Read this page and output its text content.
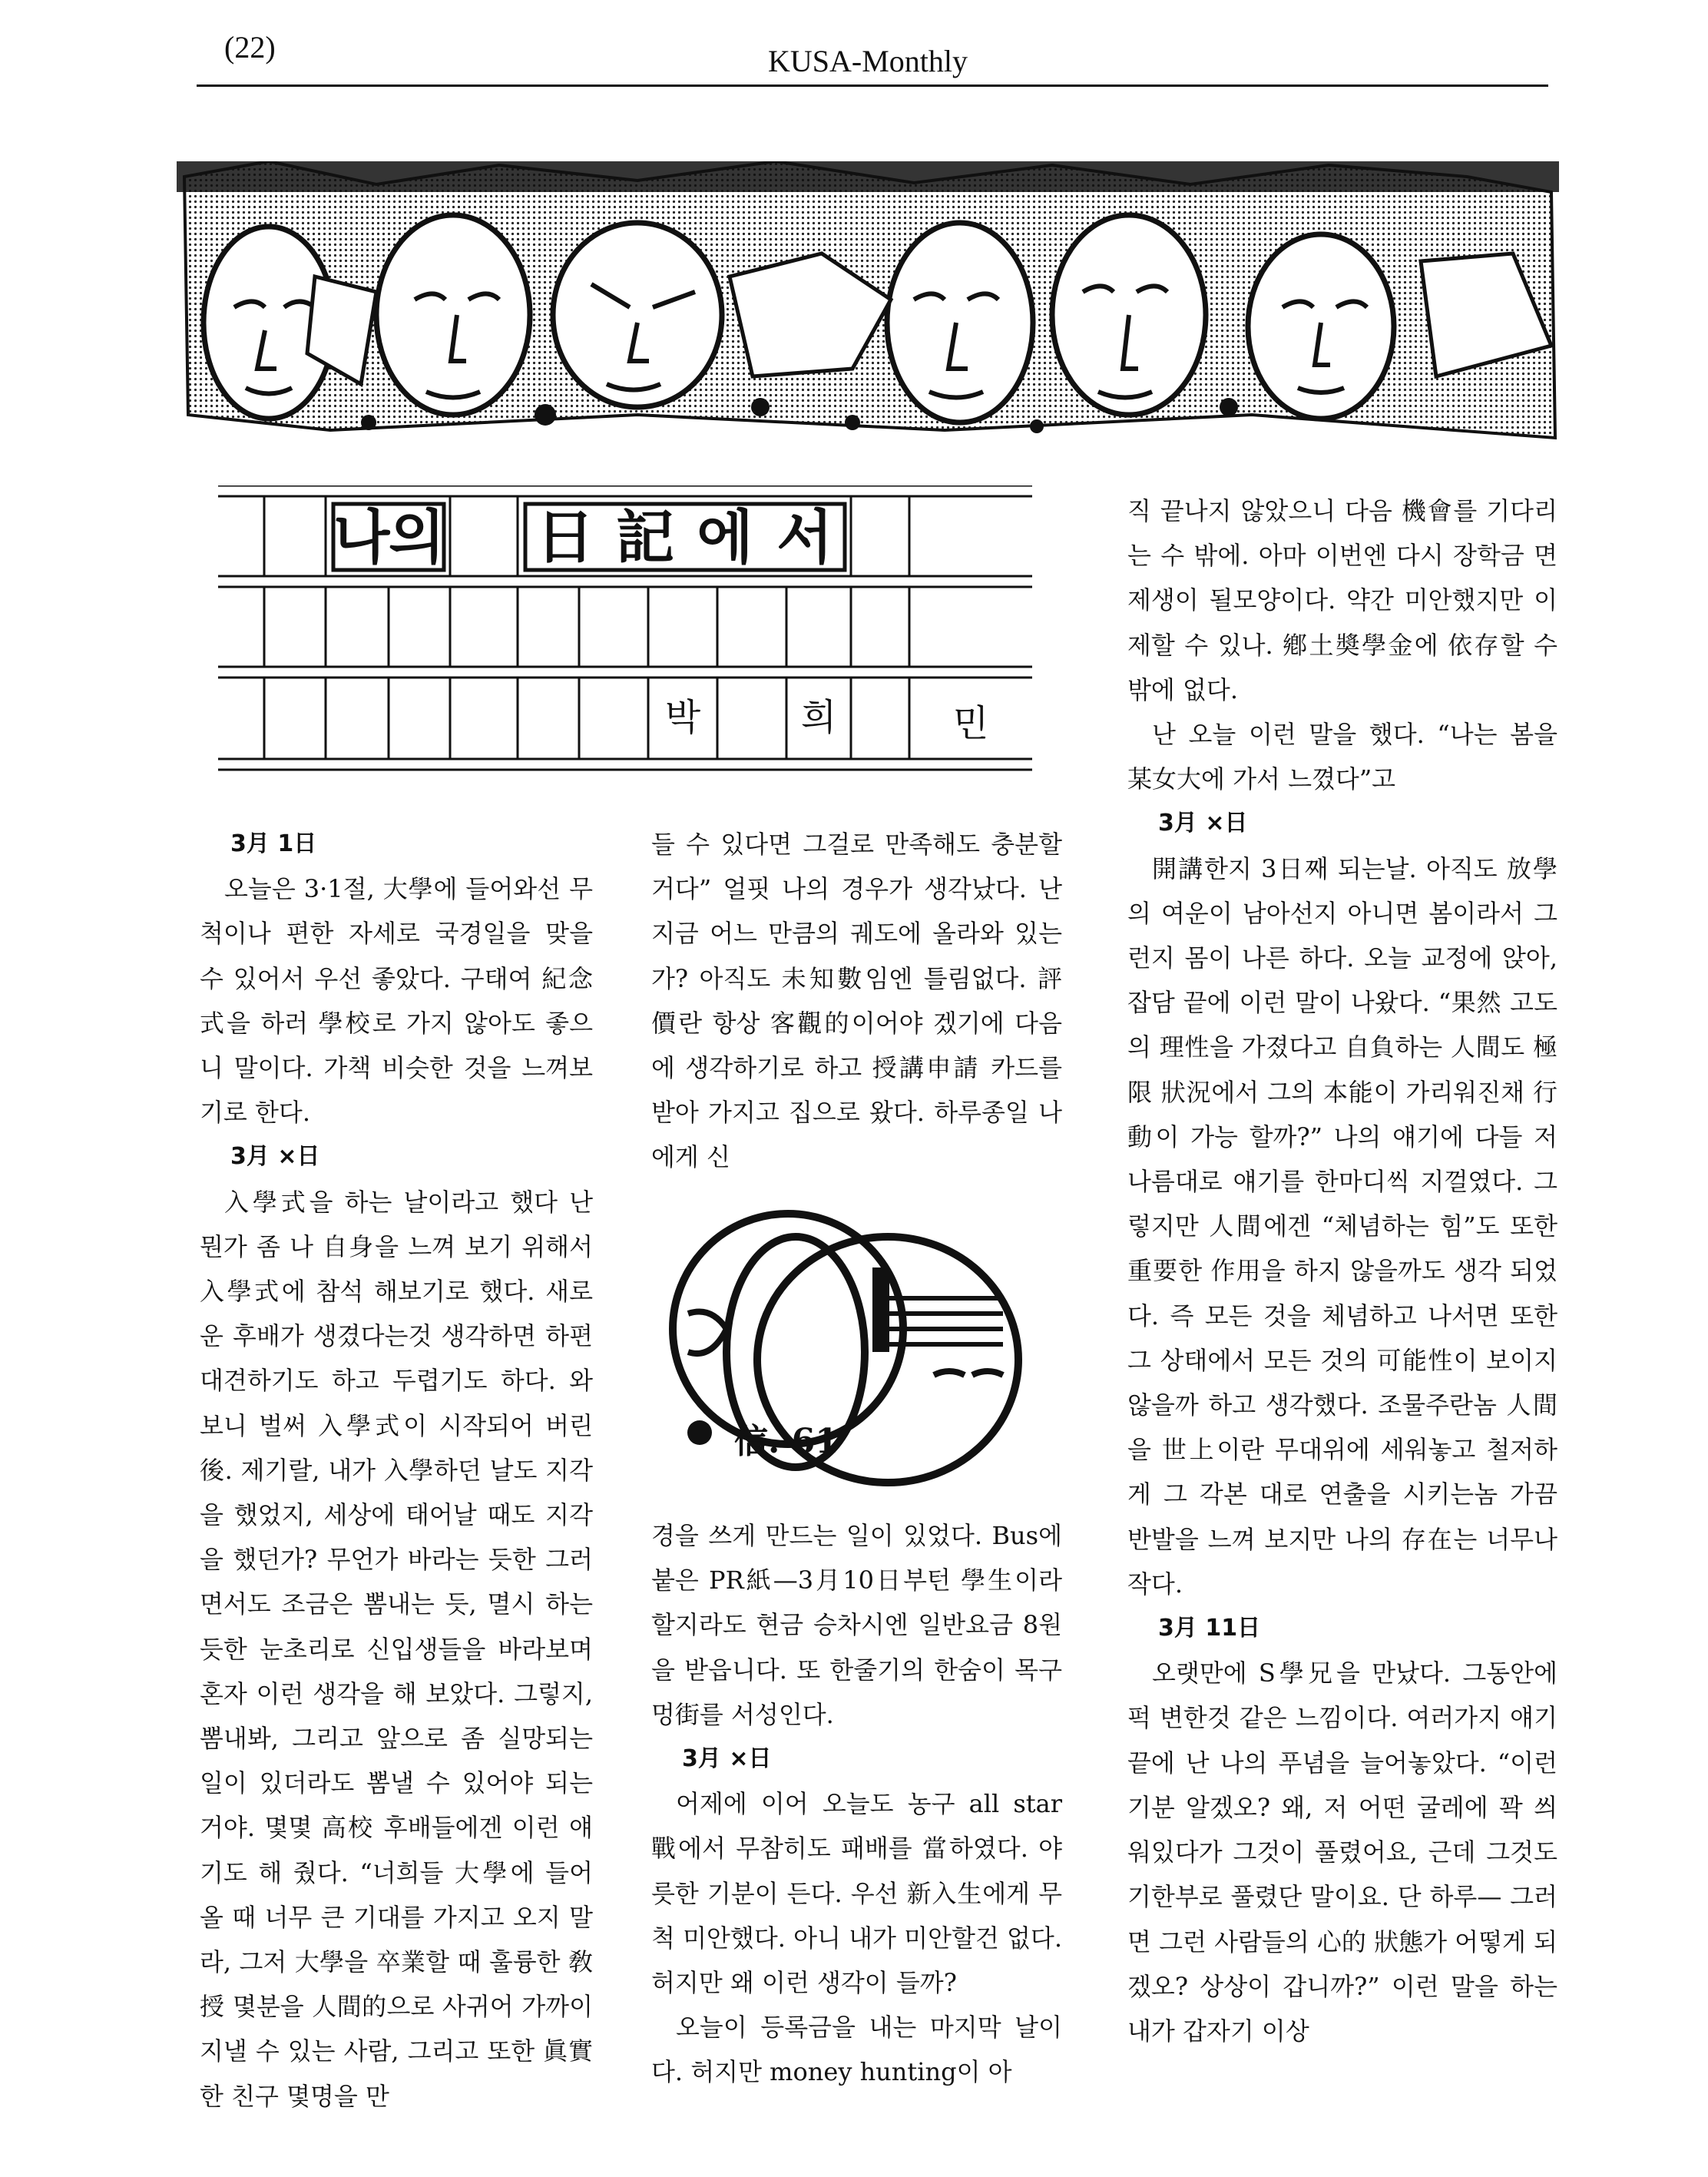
(22)	KUSA-Monthly
나
의 日 記 에 서
박	희	민
3月 1日

오늘은 3·1절, 大學에 들어와선 무척이나 편한 자세로 국경일을 맞을 수 있어서 우선 좋았다. 구태여 紀念式을 하러 學校로 가지 않아도 좋으니 말이다. 가책 비슷한 것을 느껴보기로 한다.

3月 ×日

入學式을 하는 날이라고 했다 난 뭔가 좀 나 自身을 느껴 보기 위해서 入學式에 참석 해보기로 했다. 새로운 후배가 생겼다는것 생각하면 하편 대견하기도 하고 두렵기도 하다. 와보니 벌써 入學式이 시작되어 버린 後. 제기랄, 내가 入學하던 날도 지각을 했었지, 세상에 태어날 때도 지각을 했던가? 무언가 바라는 듯한 그러면서도 조금은 뽐내는 듯, 멸시 하는듯한 눈초리로 신입생들을 바라보며 혼자 이런 생각을 해 보았다. 그렇지, 뽐내봐, 그리고 앞으로 좀 실망되는 일이 있더라도 뽐낼 수 있어야 되는거야. 몇몇 高校 후배들에겐 이런 얘기도 해 줬다. “너희들 大學에 들어 올 때 너무 큰 기대를 가지고 오지 말라, 그저 大學을 卒業할 때 훌륭한 敎授 몇분을 人間的으로 사귀어 가까이 지낼 수 있는 사람, 그리고 또한 眞實한 친구 몇명을 만

들 수 있다면 그걸로 만족해도 충분할거다” 얼핏 나의 경우가 생각났다. 난 지금 어느 만큼의 궤도에 올라와 있는가? 아직도 未知數임엔 틀림없다. 評價란 항상 客觀的이어야 겠기에 다음에 생각하기로 하고 授講申請 카드를 받아 가지고 집으로 왔다. 하루종일 나에게 신

信. 61

경을 쓰게 만드는 일이 있었다. Bus에 붙은 PR紙—3月10日부턴 學生이라 할지라도 현금 승차시엔 일반요금 8원을 받읍니다. 또 한줄기의 한숨이 목구멍街를 서성인다.

3月 ×日

어제에 이어 오늘도 농구 all star 戰에서 무참히도 패배를 當하였다. 야릇한 기분이 든다. 우선 新入生에게 무척 미안했다. 아니 내가 미안할건 없다. 허지만 왜 이런 생각이 들까?

오늘이 등록금을 내는 마지막 날이다. 허지만 money hunting이 아

직 끝나지 않았으니 다음 機會를 기다리는 수 밖에. 아마 이번엔 다시 장학금 면제생이 될모양이다. 약간 미안했지만 이제할 수 있나. 鄕土奬學金에 依存할 수 밖에 없다.

난 오늘 이런 말을 했다. “나는 봄을 某女大에 가서 느꼈다”고

3月 ×日

開講한지 3日째 되는날. 아직도 放學의 여운이 남아선지 아니면 봄이라서 그런지 몸이 나른 하다. 오늘 교정에 앉아, 잡담 끝에 이런 말이 나왔다. “果然 고도의 理性을 가졌다고 自負하는 人間도 極限 狀況에서 그의 本能이 가리워진채 行動이 가능 할까?” 나의 얘기에 다들 저 나름대로 얘기를 한마디씩 지껄였다. 그렇지만 人間에겐 “체념하는 힘”도 또한 重要한 作用을 하지 않을까도 생각 되었다. 즉 모든 것을 체념하고 나서면 또한 그 상태에서 모든 것의 可能性이 보이지 않을까 하고 생각했다. 조물주란놈 人間을 世上이란 무대위에 세워놓고 철저하게 그 각본 대로 연출을 시키는놈 가끔 반발을 느껴 보지만 나의 存在는 너무나 작다.

3月 11日

오랫만에 S學兄을 만났다. 그동안에 퍽 변한것 같은 느낌이다. 여러가지 얘기 끝에 난 나의 푸념을 늘어놓았다. “이런 기분 알겠오? 왜, 저 어떤 굴레에 꽉 씌워있다가 그것이 풀렸어요, 근데 그것도 기한부로 풀렸단 말이요. 단 하루— 그러면 그런 사람들의 心的 狀態가 어떻게 되겠오? 상상이 갑니까?” 이런 말을 하는 내가 갑자기 이상
